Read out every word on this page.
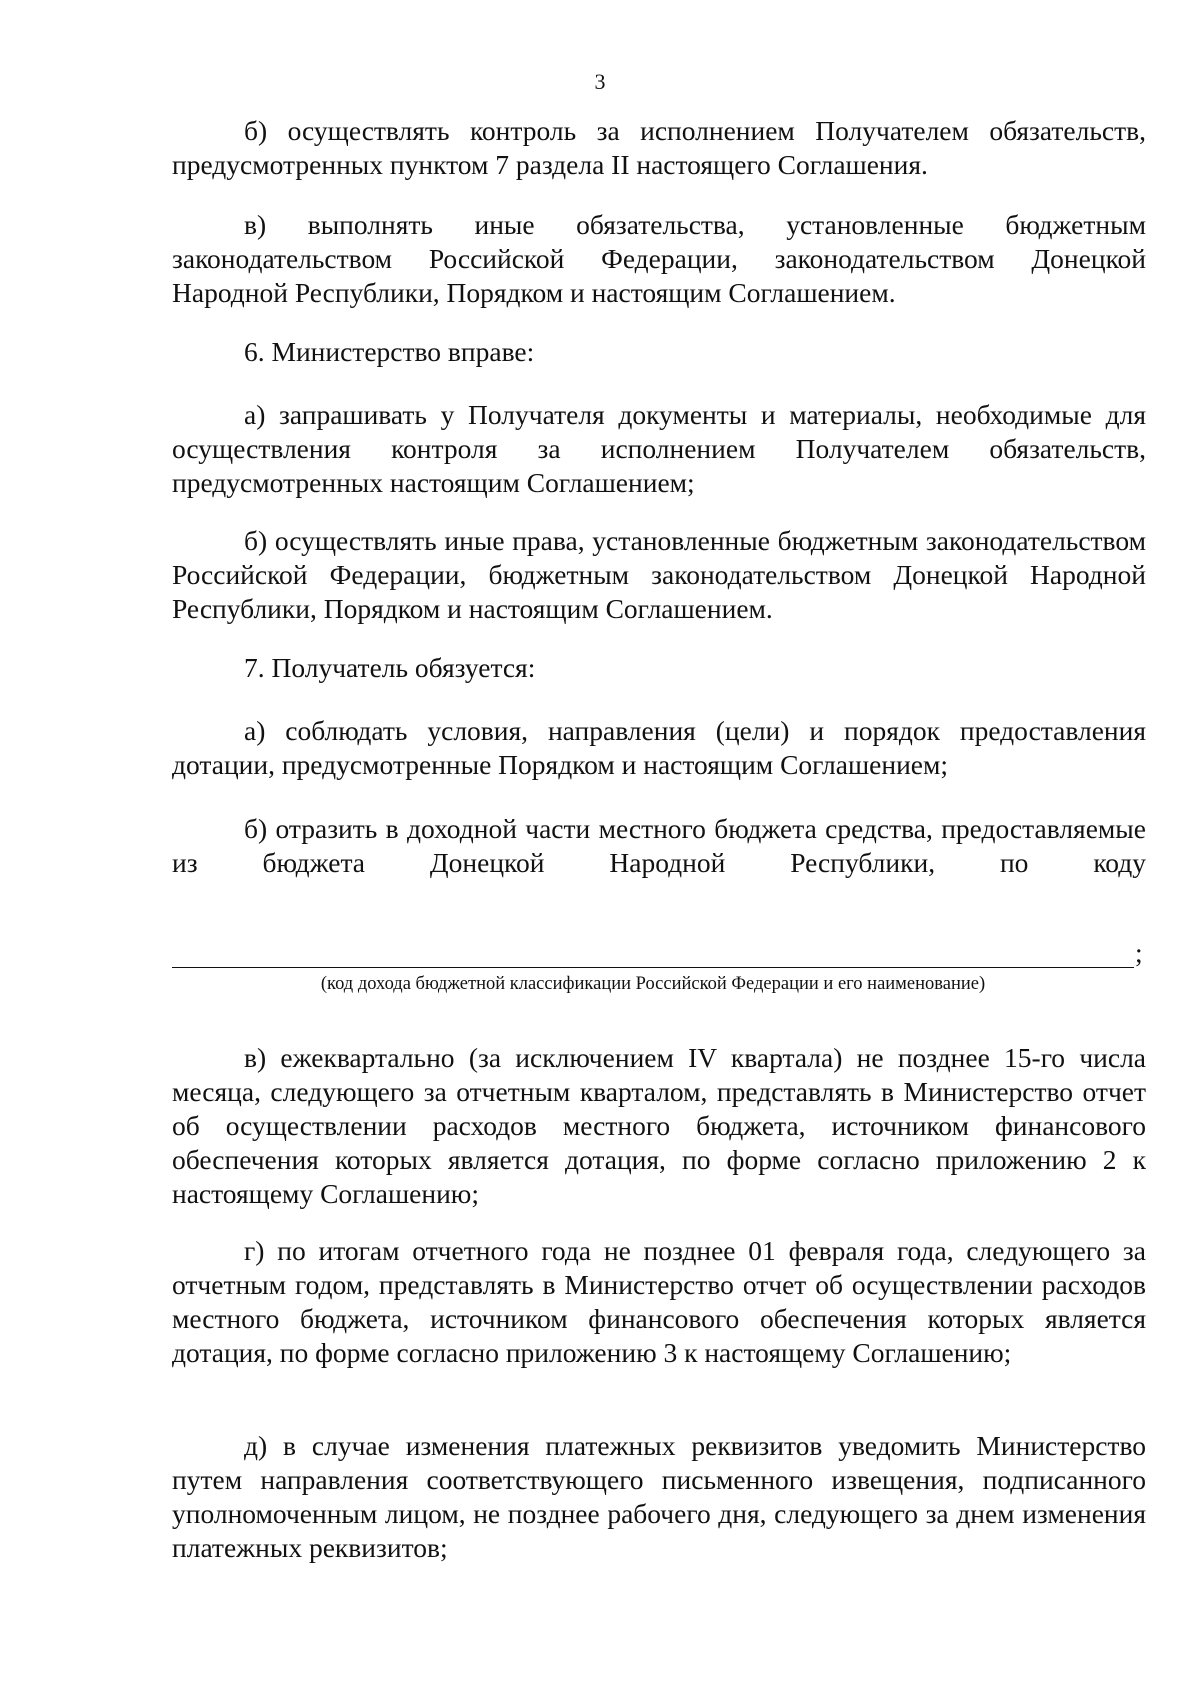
3

б) осуществлять контроль за исполнением Получателем обязательств, предусмотренных пунктом 7 раздела II настоящего Соглашения.

в) выполнять иные обязательства, установленные бюджетным законодательством Российской Федерации, законодательством Донецкой Народной Республики, Порядком и настоящим Соглашением.

6. Министерство вправе:

а) запрашивать у Получателя документы и материалы, необходимые для осуществления контроля за исполнением Получателем обязательств, предусмотренных настоящим Соглашением;

б) осуществлять иные права, установленные бюджетным законодательством Российской Федерации, бюджетным законодательством Донецкой Народной Республики, Порядком и настоящим Соглашением.

7. Получатель обязуется:

а) соблюдать условия, направления (цели) и порядок предоставления дотации, предусмотренные Порядком и настоящим Соглашением;

б) отразить в доходной части местного бюджета средства, предоставляемые из бюджета Донецкой Народной Республики, по коду

;
(код дохода бюджетной классификации Российской Федерации и его наименование)

в) ежеквартально (за исключением IV квартала) не позднее 15-го числа месяца, следующего за отчетным кварталом, представлять в Министерство отчет об осуществлении расходов местного бюджета, источником финансового обеспечения которых является дотация, по форме согласно приложению 2 к настоящему Соглашению;

г) по итогам отчетного года не позднее 01 февраля года, следующего за отчетным годом, представлять в Министерство отчет об осуществлении расходов местного бюджета, источником финансового обеспечения которых является дотация, по форме согласно приложению 3 к настоящему Соглашению;

д) в случае изменения платежных реквизитов уведомить Министерство путем направления соответствующего письменного извещения, подписанного уполномоченным лицом, не позднее рабочего дня, следующего за днем изменения платежных реквизитов;
